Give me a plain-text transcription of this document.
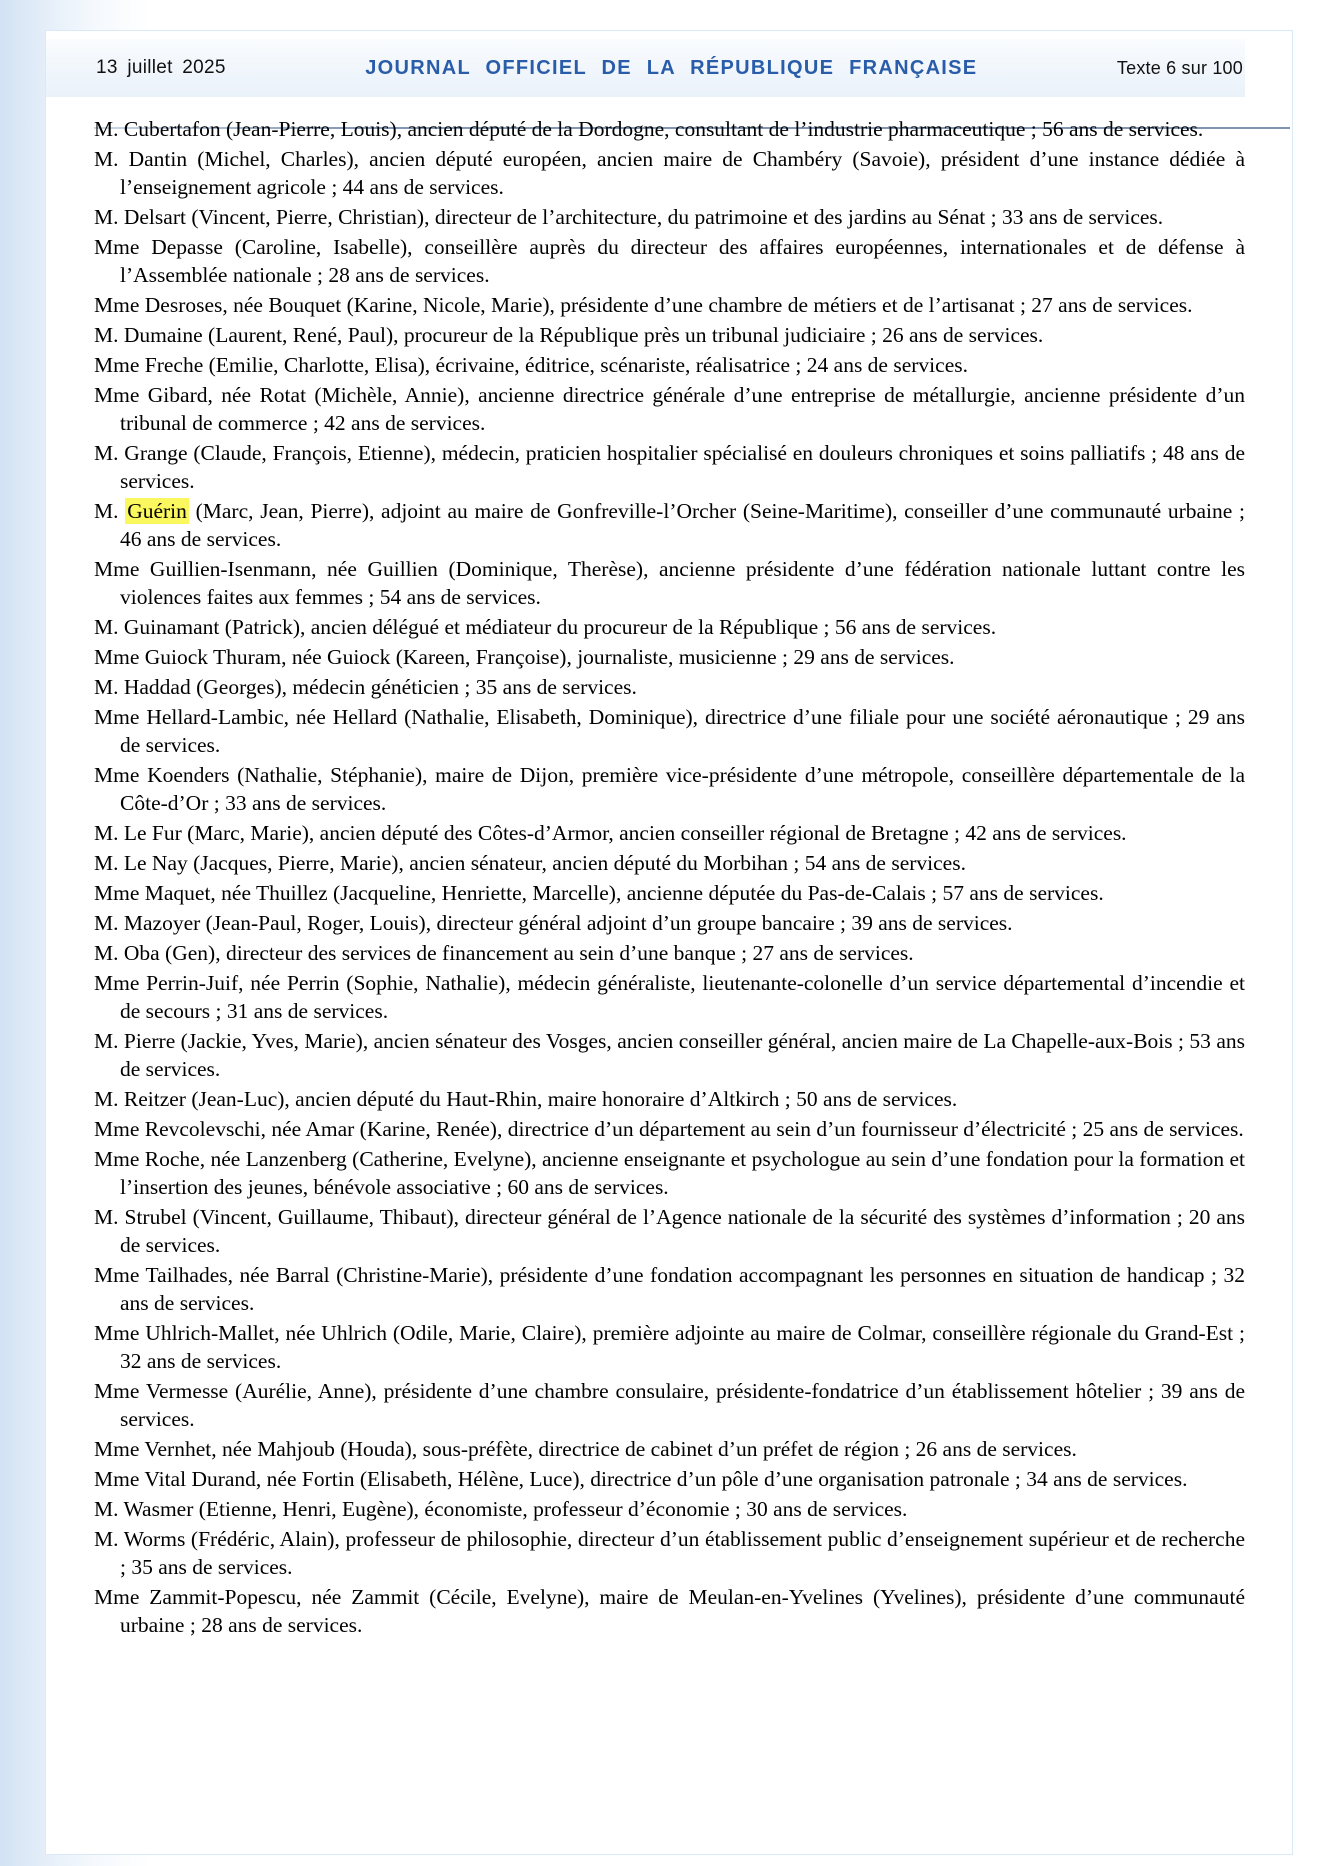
13 juillet 2025	JOURNAL OFFICIEL DE LA RÉPUBLIQUE FRANÇAISE	Texte 6 sur 100

M. Cubertafon (Jean-Pierre, Louis), ancien député de la Dordogne, consultant de l’industrie pharmaceutique ; 56 ans de services.

M. Dantin (Michel, Charles), ancien député européen, ancien maire de Chambéry (Savoie), président d’une instance dédiée à l’enseignement agricole ; 44 ans de services.

M. Delsart (Vincent, Pierre, Christian), directeur de l’architecture, du patrimoine et des jardins au Sénat ; 33 ans de services.

Mme Depasse (Caroline, Isabelle), conseillère auprès du directeur des affaires européennes, internationales et de défense à l’Assemblée nationale ; 28 ans de services.

Mme Desroses, née Bouquet (Karine, Nicole, Marie), présidente d’une chambre de métiers et de l’artisanat ; 27 ans de services.

M. Dumaine (Laurent, René, Paul), procureur de la République près un tribunal judiciaire ; 26 ans de services.

Mme Freche (Emilie, Charlotte, Elisa), écrivaine, éditrice, scénariste, réalisatrice ; 24 ans de services.

Mme Gibard, née Rotat (Michèle, Annie), ancienne directrice générale d’une entreprise de métallurgie, ancienne présidente d’un tribunal de commerce ; 42 ans de services.

M. Grange (Claude, François, Etienne), médecin, praticien hospitalier spécialisé en douleurs chroniques et soins palliatifs ; 48 ans de services.

M. Guérin (Marc, Jean, Pierre), adjoint au maire de Gonfreville-l’Orcher (Seine-Maritime), conseiller d’une communauté urbaine ; 46 ans de services.

Mme Guillien-Isenmann, née Guillien (Dominique, Therèse), ancienne présidente d’une fédération nationale luttant contre les violences faites aux femmes ; 54 ans de services.

M. Guinamant (Patrick), ancien délégué et médiateur du procureur de la République ; 56 ans de services.

Mme Guiock Thuram, née Guiock (Kareen, Françoise), journaliste, musicienne ; 29 ans de services.

M. Haddad (Georges), médecin généticien ; 35 ans de services.

Mme Hellard-Lambic, née Hellard (Nathalie, Elisabeth, Dominique), directrice d’une filiale pour une société aéronautique ; 29 ans de services.

Mme Koenders (Nathalie, Stéphanie), maire de Dijon, première vice-présidente d’une métropole, conseillère départementale de la Côte-d’Or ; 33 ans de services.

M. Le Fur (Marc, Marie), ancien député des Côtes-d’Armor, ancien conseiller régional de Bretagne ; 42 ans de services.

M. Le Nay (Jacques, Pierre, Marie), ancien sénateur, ancien député du Morbihan ; 54 ans de services.

Mme Maquet, née Thuillez (Jacqueline, Henriette, Marcelle), ancienne députée du Pas-de-Calais ; 57 ans de services.

M. Mazoyer (Jean-Paul, Roger, Louis), directeur général adjoint d’un groupe bancaire ; 39 ans de services.

M. Oba (Gen), directeur des services de financement au sein d’une banque ; 27 ans de services.

Mme Perrin-Juif, née Perrin (Sophie, Nathalie), médecin généraliste, lieutenante-colonelle d’un service départemental d’incendie et de secours ; 31 ans de services.

M. Pierre (Jackie, Yves, Marie), ancien sénateur des Vosges, ancien conseiller général, ancien maire de La Chapelle-aux-Bois ; 53 ans de services.

M. Reitzer (Jean-Luc), ancien député du Haut-Rhin, maire honoraire d’Altkirch ; 50 ans de services.

Mme Revcolevschi, née Amar (Karine, Renée), directrice d’un département au sein d’un fournisseur d’électricité ; 25 ans de services.

Mme Roche, née Lanzenberg (Catherine, Evelyne), ancienne enseignante et psychologue au sein d’une fondation pour la formation et l’insertion des jeunes, bénévole associative ; 60 ans de services.

M. Strubel (Vincent, Guillaume, Thibaut), directeur général de l’Agence nationale de la sécurité des systèmes d’information ; 20 ans de services.

Mme Tailhades, née Barral (Christine-Marie), présidente d’une fondation accompagnant les personnes en situation de handicap ; 32 ans de services.

Mme Uhlrich-Mallet, née Uhlrich (Odile, Marie, Claire), première adjointe au maire de Colmar, conseillère régionale du Grand-Est ; 32 ans de services.

Mme Vermesse (Aurélie, Anne), présidente d’une chambre consulaire, présidente-fondatrice d’un établissement hôtelier ; 39 ans de services.

Mme Vernhet, née Mahjoub (Houda), sous-préfète, directrice de cabinet d’un préfet de région ; 26 ans de services.

Mme Vital Durand, née Fortin (Elisabeth, Hélène, Luce), directrice d’un pôle d’une organisation patronale ; 34 ans de services.

M. Wasmer (Etienne, Henri, Eugène), économiste, professeur d’économie ; 30 ans de services.

M. Worms (Frédéric, Alain), professeur de philosophie, directeur d’un établissement public d’enseignement supérieur et de recherche ; 35 ans de services.

Mme Zammit-Popescu, née Zammit (Cécile, Evelyne), maire de Meulan-en-Yvelines (Yvelines), présidente d’une communauté urbaine ; 28 ans de services.
